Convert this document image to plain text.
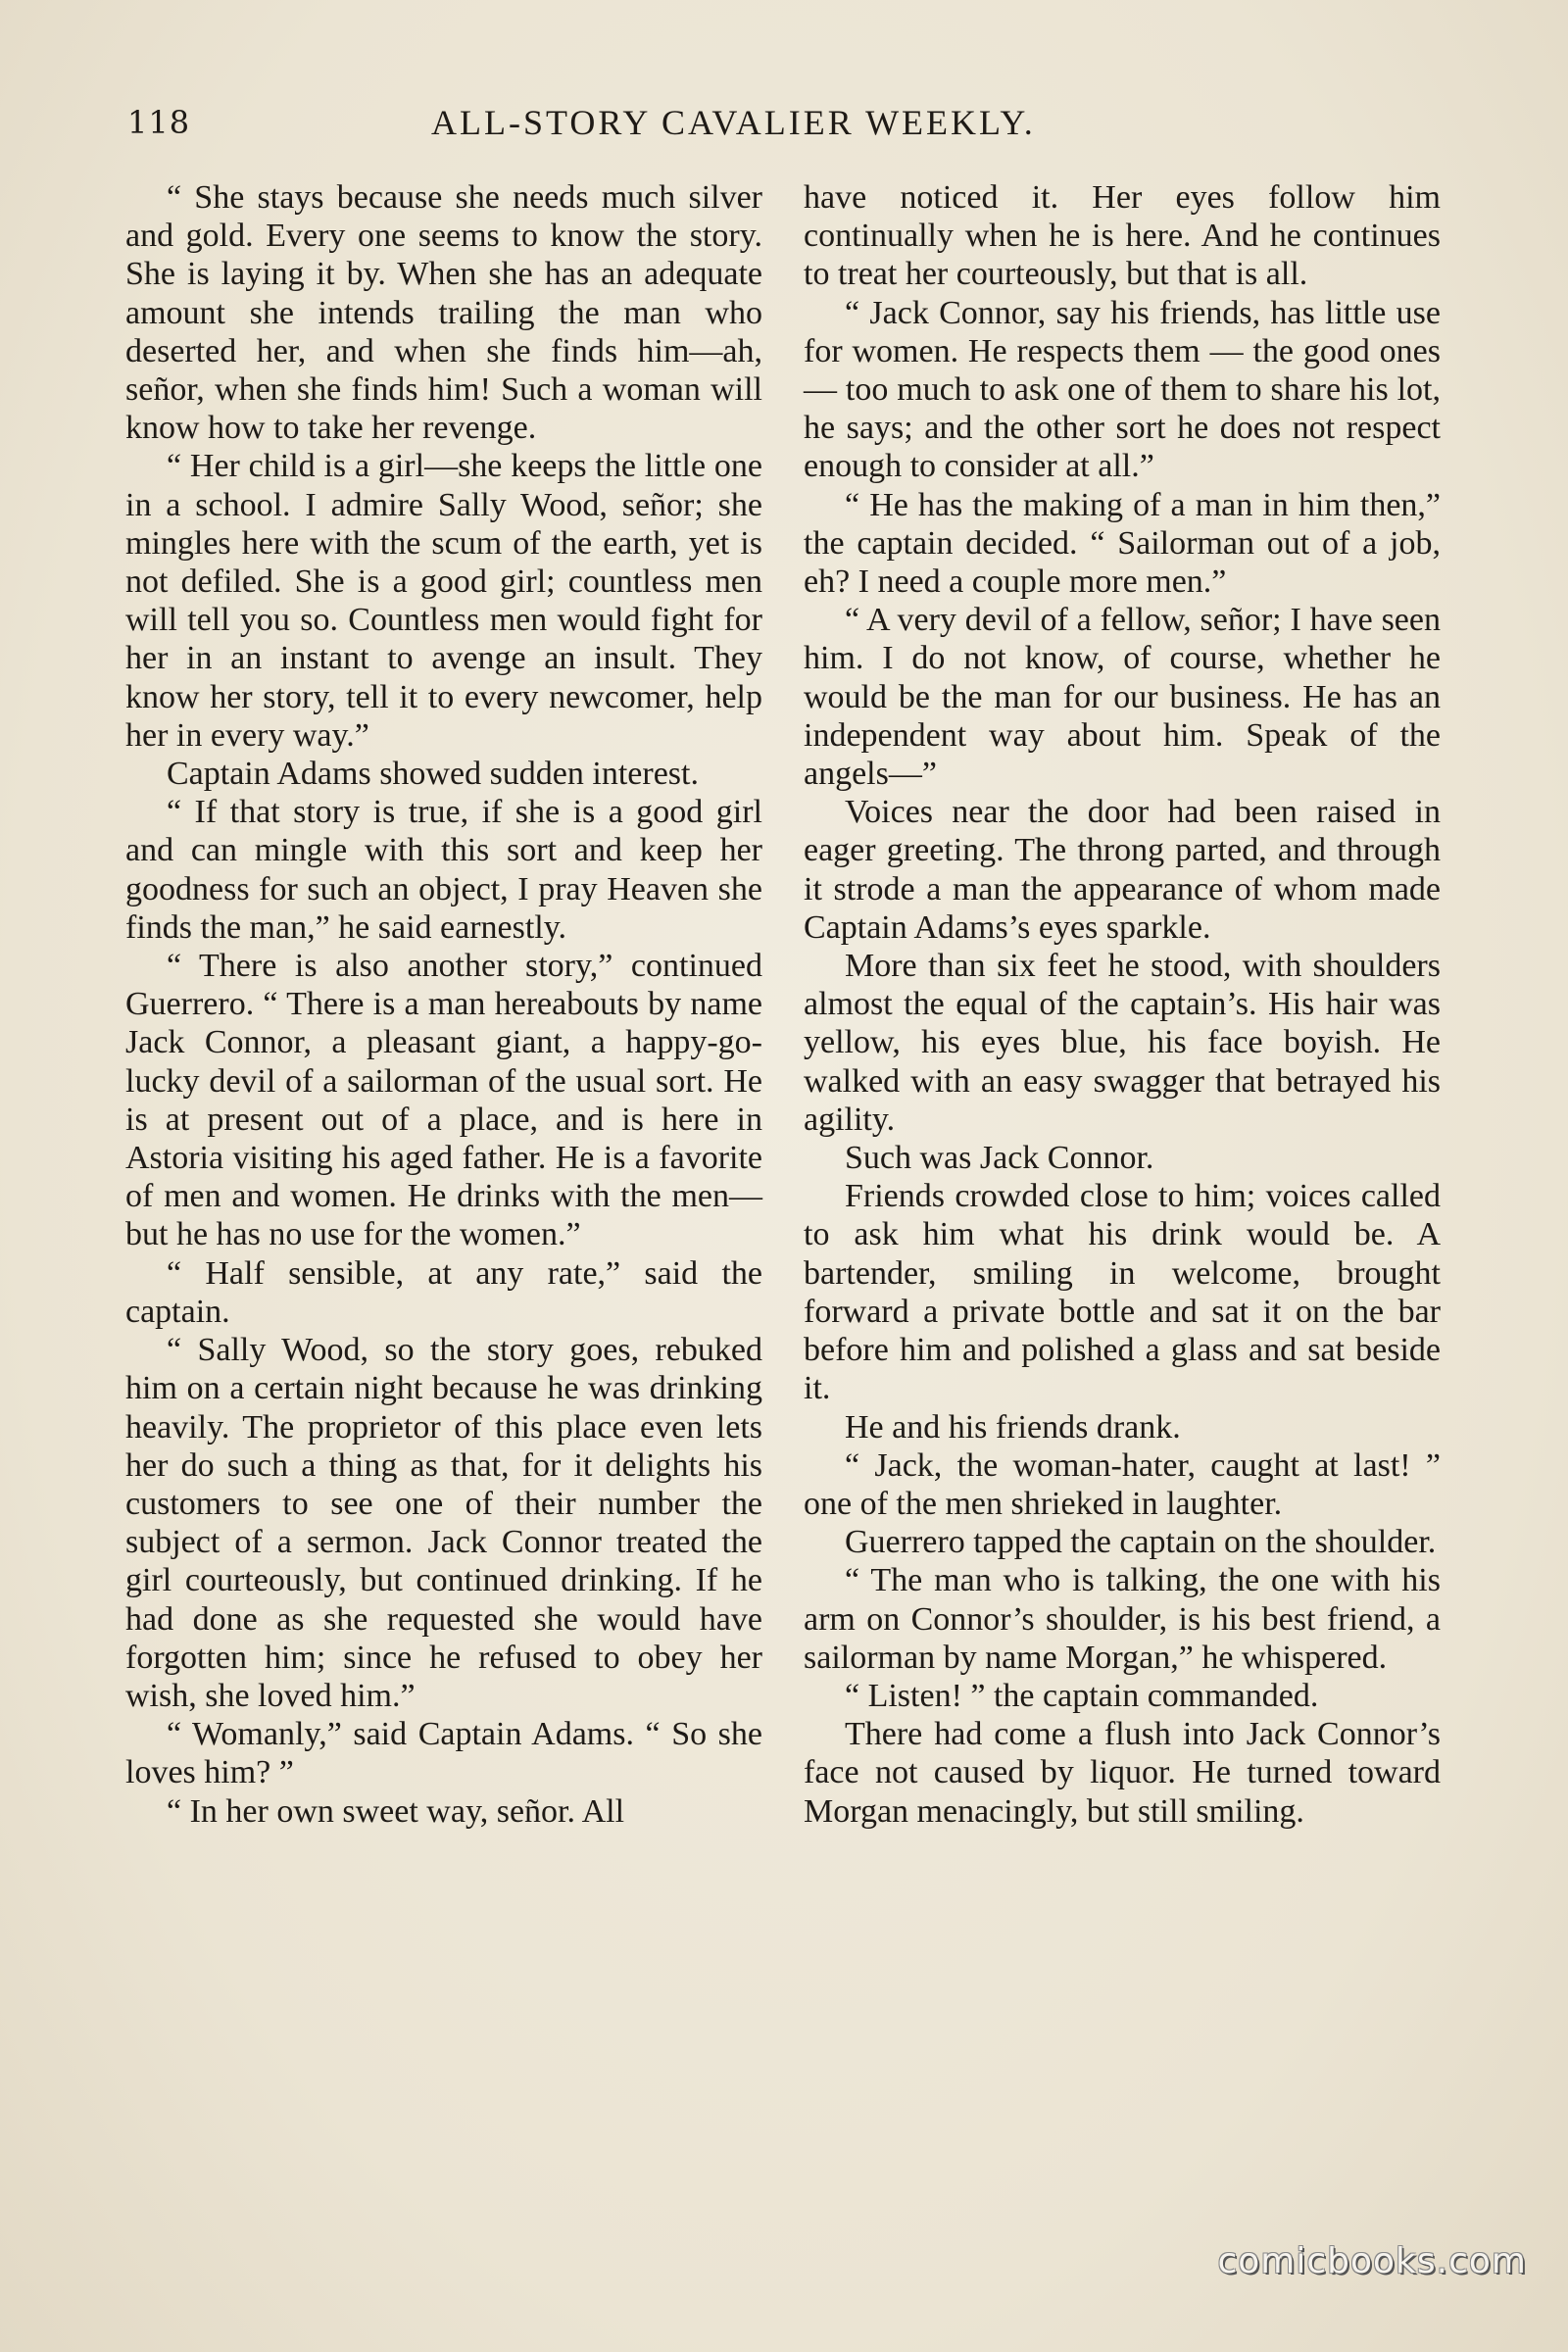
118	ALL-STORY CAVALIER WEEKLY.

“ She stays because she needs much silver and gold. Every one seems to know the story. She is laying it by. When she has an adequate amount she intends trailing the man who deserted her, and when she finds him—ah, señor, when she finds him! Such a woman will know how to take her revenge.

“ Her child is a girl—she keeps the little one in a school. I admire Sally Wood, señor; she mingles here with the scum of the earth, yet is not defiled. She is a good girl; countless men will tell you so. Countless men would fight for her in an instant to avenge an insult. They know her story, tell it to every newcomer, help her in every way.”

Captain Adams showed sudden interest.

“ If that story is true, if she is a good girl and can mingle with this sort and keep her goodness for such an object, I pray Heaven she finds the man,” he said earnestly.

“ There is also another story,” continued Guerrero. “ There is a man hereabouts by name Jack Connor, a pleasant giant, a happy-go-lucky devil of a sailorman of the usual sort. He is at present out of a place, and is here in Astoria visiting his aged father. He is a favorite of men and women. He drinks with the men—but he has no use for the women.”

“ Half sensible, at any rate,” said the captain.

“ Sally Wood, so the story goes, rebuked him on a certain night because he was drinking heavily. The proprietor of this place even lets her do such a thing as that, for it delights his customers to see one of their number the subject of a sermon. Jack Connor treated the girl courteously, but continued drinking. If he had done as she requested she would have forgotten him; since he refused to obey her wish, she loved him.”

“ Womanly,” said Captain Adams. “ So she loves him? ”

“ In her own sweet way, señor. All

have noticed it. Her eyes follow him continually when he is here. And he continues to treat her courteously, but that is all.

“ Jack Connor, say his friends, has little use for women. He respects them — the good ones — too much to ask one of them to share his lot, he says; and the other sort he does not respect enough to consider at all.”

“ He has the making of a man in him then,” the captain decided. “ Sailorman out of a job, eh? I need a couple more men.”

“ A very devil of a fellow, señor; I have seen him. I do not know, of course, whether he would be the man for our business. He has an independent way about him. Speak of the angels—”

Voices near the door had been raised in eager greeting. The throng parted, and through it strode a man the appearance of whom made Captain Adams’s eyes sparkle.

More than six feet he stood, with shoulders almost the equal of the captain’s. His hair was yellow, his eyes blue, his face boyish. He walked with an easy swagger that betrayed his agility.

Such was Jack Connor.

Friends crowded close to him; voices called to ask him what his drink would be. A bartender, smiling in welcome, brought forward a private bottle and sat it on the bar before him and polished a glass and sat beside it.

He and his friends drank.

“ Jack, the woman-hater, caught at last! ” one of the men shrieked in laughter.

Guerrero tapped the captain on the shoulder.

“ The man who is talking, the one with his arm on Connor’s shoulder, is his best friend, a sailorman by name Morgan,” he whispered.

“ Listen! ” the captain commanded.

There had come a flush into Jack Connor’s face not caused by liquor. He turned toward Morgan menacingly, but still smiling.

comicbooks.com
